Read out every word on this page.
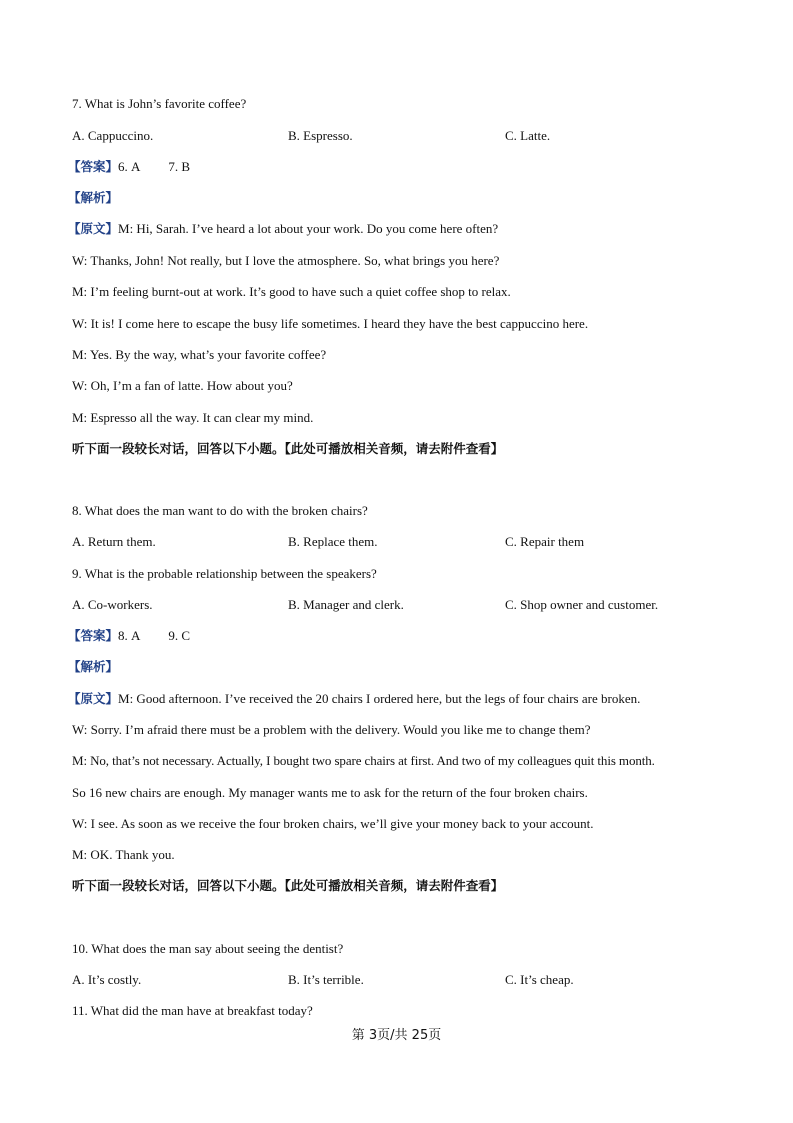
7. What is John’s favorite coffee?
A. Cappuccino.	B. Espresso.	C. Latte.
【答案】6. A 7. B
【解析】
【原文】M: Hi, Sarah. I’ve heard a lot about your work. Do you come here often?
W: Thanks, John! Not really, but I love the atmosphere. So, what brings you here?
M: I’m feeling burnt-out at work. It’s good to have such a quiet coffee shop to relax.
W: It is! I come here to escape the busy life sometimes. I heard they have the best cappuccino here.
M: Yes. By the way, what’s your favorite coffee?
W: Oh, I’m a fan of latte. How about you?
M: Espresso all the way. It can clear my mind.
听下面一段较长对话，回答以下小题。【此处可播放相关音频，请去附件查看】
8. What does the man want to do with the broken chairs?
A. Return them.	B. Replace them.	C. Repair them
9. What is the probable relationship between the speakers?
A. Co-workers.	B. Manager and clerk.	C. Shop owner and customer.
【答案】8. A 9. C
【解析】
【原文】M: Good afternoon. I’ve received the 20 chairs I ordered here, but the legs of four chairs are broken.
W: Sorry. I’m afraid there must be a problem with the delivery. Would you like me to change them?
M: No, that’s not necessary. Actually, I bought two spare chairs at first. And two of my colleagues quit this month.
So 16 new chairs are enough. My manager wants me to ask for the return of the four broken chairs.
W: I see. As soon as we receive the four broken chairs, we’ll give your money back to your account.
M: OK. Thank you.
听下面一段较长对话，回答以下小题。【此处可播放相关音频，请去附件查看】
10. What does the man say about seeing the dentist?
A. It’s costly.	B. It’s terrible.	C. It’s cheap.
11. What did the man have at breakfast today?
第 3页/共 25页
